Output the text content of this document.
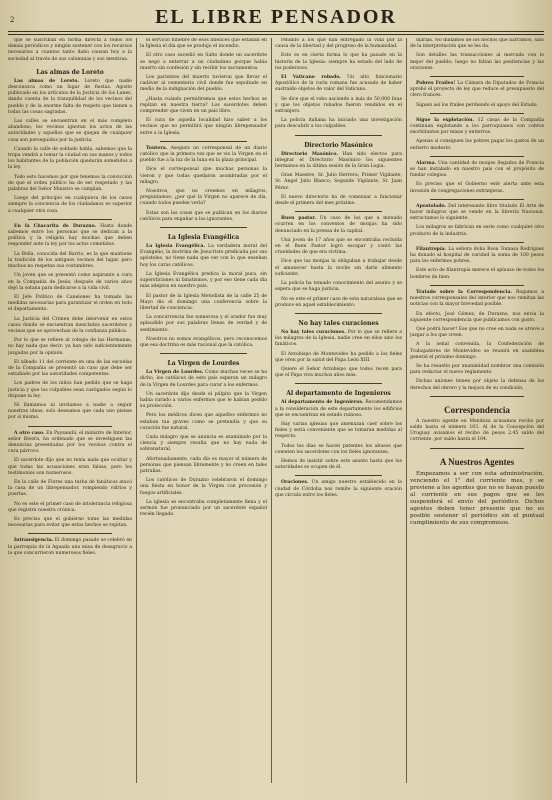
2	EL LIBRE PENSADOR

que se suscriban en forma directa a todos los demás periódicos y ningún sostener con los recursos necesarios a cuantos tanto daño causan hoy a la sociedad al través de sus calumnias y sus mentiras.

Las almas de Loreto

Las almas de Loreto. Loreto que nadie desconozca como un lugar de fiestas. Agosto publicado en los artículos de la Justicia de los Lunes, dando cuenta de la tranquilidad de los vecinos del pueblo y de la enorme falta de respeto que tienen a todas las cosas sagradas.

Las calles se encuentran en el más completo abandono, los vecinos ignoran los actos de las autoridades y aquellos que se quejan de cualquier cosa son perseguidos por la justicia.

Cuando la calle de soldado habla, sabemos que la tropa vendrá a tomar la ciudad en sus manos y todos los habitantes de la población quedarán sometidos a la ley.

Todo esto hacemos por que tenemos la convicción de que el orden público ha de ser respetado y las palabras del Señor Ministro se cumplan.

Luego del principio en cualquiera de los casos siempre la conciencia de los ciudadanos es superior a cualquier otra cosa.

En la Chacarita de Durazno. Hasta donde sabemos entre los personas que se dedican a la política y la religión hay muchas que deben responder ante la ley por los actos cometidos.

La Bella, conocida del Barrio, es la que mantiene la tradición de los antiguos vecinos del lugar, pero muchos no respetan sus costumbres.

Un joven que se presentó como aspirante a cura en la Compañía de Jesús, después de varios años dejó la sotana para dedicarse a la vida civil.

El Jefe Político de Canelones ha tomado las medidas necesarias para garantizar el orden en todo el departamento.

La Justicia del Crimen debe intervenir en estos casos donde se encuentran mezclados sacerdotes y vecinos que se aprovechan de la confianza pública.

Por lo que se refiere al colegio de las Hermanas, no hay nada que decir: ya han sido suficientemente juzgadas por la opinión.

El sábado 11 del corriente en una de las escuelas de la Compañía se presentó un caso que debe ser estudiado por las autoridades competentes.

Los padres de los niños han pedido que se haga justicia y que los culpables sean castigados según lo dispone la ley.

Ni llamamos ni invitamos a nadie a seguir nuestras ideas; solo deseamos que cada uno piense por sí mismo.

A otro caso. En Paysandú, el ministro de Interior, señor Rivera, ha ordenado que se investiguen las denuncias presentadas por los vecinos contra el cura párroco.

El sacerdote dijo que no tenía nada que ocultar y que todas las acusaciones eran falsas, pero los testimonios son numerosos.

En la calle de Flores una turba de fanáticos atacó la casa de un librepensador, rompiendo vidrios y puertas.

No es este el primer caso de intolerancia religiosa que registra nuestra crónica.

Es preciso que el gobierno tome las medidas necesarias para evitar que estos hechos se repitan.

Intransigencia. El domingo pasado se celebró en la parroquia de la Aguada una misa de desagravio a la que concurrieron numerosos fieles.

el servicio fúnebre de esos infelices que estaban en la Iglesia el día que se produjo el incendio.

El otro caso sucedió en Salto donde un sacerdote se negó a enterrar a un ciudadano porque había muerto sin confesión y sin recibir los sacramentos.

Los parientes del muerto tuvieron que llevar el cadáver al cementerio civil donde fue sepultado en medio de la indignación del pueblo.

¿Hasta cuándo permitiremos que estos hechos se repitan en nuestra tierra? Los sacerdotes deben comprender que viven en un país libre.

El cura de aquella localidad hizo saber a los vecinos que no permitirá que ningún librepensador entre a la Iglesia.

Tontera. Asegura un corresponsal de un diario católico que la primera vez que se vio la Virgen en el pueblo fue a la luz de la luna en la plaza principal.

Dice el corresponsal que muchas personas la vieron y que todas quedaron asombradas por el milagro.

Nosotros, que no creemos en milagros, preguntamos: ¿por qué la Virgen no aparece de día, cuando todos pueden verla?

Estas son las cosas que se publican en los diarios católicos para engañar a los ignorantes.

La Iglesia Evangélica

La Iglesia Evangélica. La verdadera moral del Evangelio, la doctrina de Jesucristo predicada por sus apóstoles, no tiene nada que ver con lo que enseñan hoy los curas católicos.

La Iglesia Evangélica predica la moral pura, sin supersticiones ni fanatismos, y por eso tiene cada día más adeptos en nuestro país.

El pastor de la Iglesia Metodista de la calle 25 de Mayo dio el domingo una conferencia sobre la libertad de conciencia.

La concurrencia fue numerosa y el orador fue muy aplaudido por sus palabras llenas de verdad y de sentimiento.

Nosotros no somos evangélicos, pero reconocemos que esa doctrina es más racional que la católica.

La Virgen de Lourdes

La Virgen de Lourdes. Como muchas veces se ha dicho, los católicos de este país esperan un milagro de la Virgen de Lourdes para curar a los enfermos.

Un sacerdote dijo desde el púlpito que la Virgen había curado a varios enfermos que le habían pedido su protección.

Pero los médicos dicen que aquellos enfermos no estaban tan graves como se pretendía y que su curación fue natural.

Cada milagro que se anuncia es examinado por la ciencia y siempre resulta que no hay nada de sobrenatural.

Afortunadamente, cada día es mayor el número de personas que piensan libremente y no creen en tales patrañas.

Los católicos de Durazno celebraron el domingo una fiesta en honor de la Virgen con procesión y fuegos artificiales.

La iglesia se encontraba completamente llena y el sermón fue pronunciado por un sacerdote español recién llegado.

rendido a los que han entregado la vida por la causa de la libertad y del progreso de la humanidad.

Esto es en cierta forma lo que ha pasado en la historia de la Iglesia: siempre ha estado del lado de los poderosos.

El Vaticano robado. Un alto funcionario Apostólico de la curia romana fue acusado de haber sustraído objetos de valor del Vaticano.

Se dice que el robo asciende a más de 50,000 liras y que los objetos robados fueron vendidos en el extranjero.

La policía italiana ha iniciado una investigación para descubrir a los culpables.

Directorio Masónico

Directorio Masónico. Han sido electos para integrar el Directorio Masónico los siguientes hermanos en la última sesión de la Gran Logia.

Gran Maestre, Sr. Julio Herrera; Primer Vigilante, Sr. Ángel Julio Blanco; Segundo Vigilante, Sr. Juan Pérez.

El nuevo directorio ha de comenzar a funcionar desde el primero del mes próximo.

Buen pastor. Un caso de los que a menudo ocurren en los conventos de monjas ha sido denunciado en la prensa de la capital.

Una joven de 17 años que se encontraba recluida en el Buen Pastor logró escapar y contó las crueldades de que era víctima.

Dice que las monjas la obligaban a trabajar desde el amanecer hasta la noche sin darle alimento suficiente.

La policía ha tomado conocimiento del asunto y se espera que se haga justicia.

No es este el primer caso de esta naturaleza que se produce en aquel establecimiento.

No hay tales curaciones

No hay tales curaciones. Por lo que se refiere a los milagros de la Iglesia, nadie cree en ellos sino los fanáticos.

El Arzobispo de Montevideo ha pedido a los fieles que oren por la salud del Papa León XIII.

Quiere el Señor Arzobispo que todos recen para que el Papa viva muchos años más.

Al departamento de Ingenieros

Al departamento de Ingenieros. Recomendamos a la consideración de este departamento los edificios que se encuentran en estado ruinoso.

Hay varias iglesias que amenazan caer sobre los fieles y sería conveniente que se tomaran medidas al respecto.

Todos los días se hacen patentes los abusos que cometen los sacerdotes con los fieles ignorantes.

Hemos de insistir sobre este asunto hasta que las autoridades se ocupen de él.

Oraciones. Un amigo nuestro establecido en la ciudad de Córdoba nos remite la siguiente oración que circula entre los fieles.

diarias. No dudamos de los hechos que narramos, sino de la interpretación que se les da.

Son detalles las transacciones al mercado con lo mejor del pueblo; luego no faltan las penitencias y las oraciones.

Pobres Frailes! La Cámara de Diputados de Francia aprobó el proyecto de ley que reduce el presupuesto del clero francés.

Siguen así los frailes perdiendo el apoyo del Estado.

Sigue la explotación. 12 casas de la Compañía continúan explotando a los parroquianos con cobros exorbitantes por misas y entierros.

Apenas si consiguen los pobres pagar los gastos de un entierro modesto.

Alarma. Una cantidad de monjes llegados de Francia se han instalado en nuestro país con el propósito de fundar colegios.

Es preciso que el Gobierno esté alerta ante esta invasión de congregaciones extranjeras.

Apostolado. Del interesante libro titulado El Arte de hacer milagros que se vende en la librería Nacional, extractamos lo siguiente.

Los milagros se fabrican en serie como cualquier otro producto de la industria.

Filantropía. La señora doña Rosa Tomasa Rodríguez ha donado al hospital de caridad la suma de 100 pesos para los enfermos pobres.

Este acto de filantropía merece el aplauso de todos los hombres de bien.

Tratado sobre la Correspondencia. Rogamos a nuestros corresponsales del interior que nos remitan las noticias con la mayor brevedad posible.

En efecto, José Gómez, de Durazno, nos envía la siguiente correspondencia que publicamos con gusto.

Qué podrá hacer! Ese que no cree en nada se atreve a juzgar a los que creen.

A la señal convenida, la Confederación de Trabajadores de Montevideo se reunirá en asamblea general el próximo domingo.

Se ha resuelto por unanimidad nombrar una comisión para redactar el nuevo reglamento.

Dichas uniones tienen por objeto la defensa de los derechos del obrero y la mejora de su condición.

Correspondencia

A nuestro agente en Mendoza acusamos recibo por saldo hasta el número 163. Al de la Concepción del Uruguay avisamos el recibo de pesos 2.45 saldo del corriente, por saldo hasta el 104.

A Nuestros Agentes

Empezamos a ser con esta administración, venciendo el 1° del corriente mes, y se previene a los agentes que no se hayan puesto al corriente en sus pagos que se les suspenderá el envío del periódico. Dichos agentes deben tener presente que no es posible sostener el periódico sin el puntual cumplimiento de sus compromisos.
